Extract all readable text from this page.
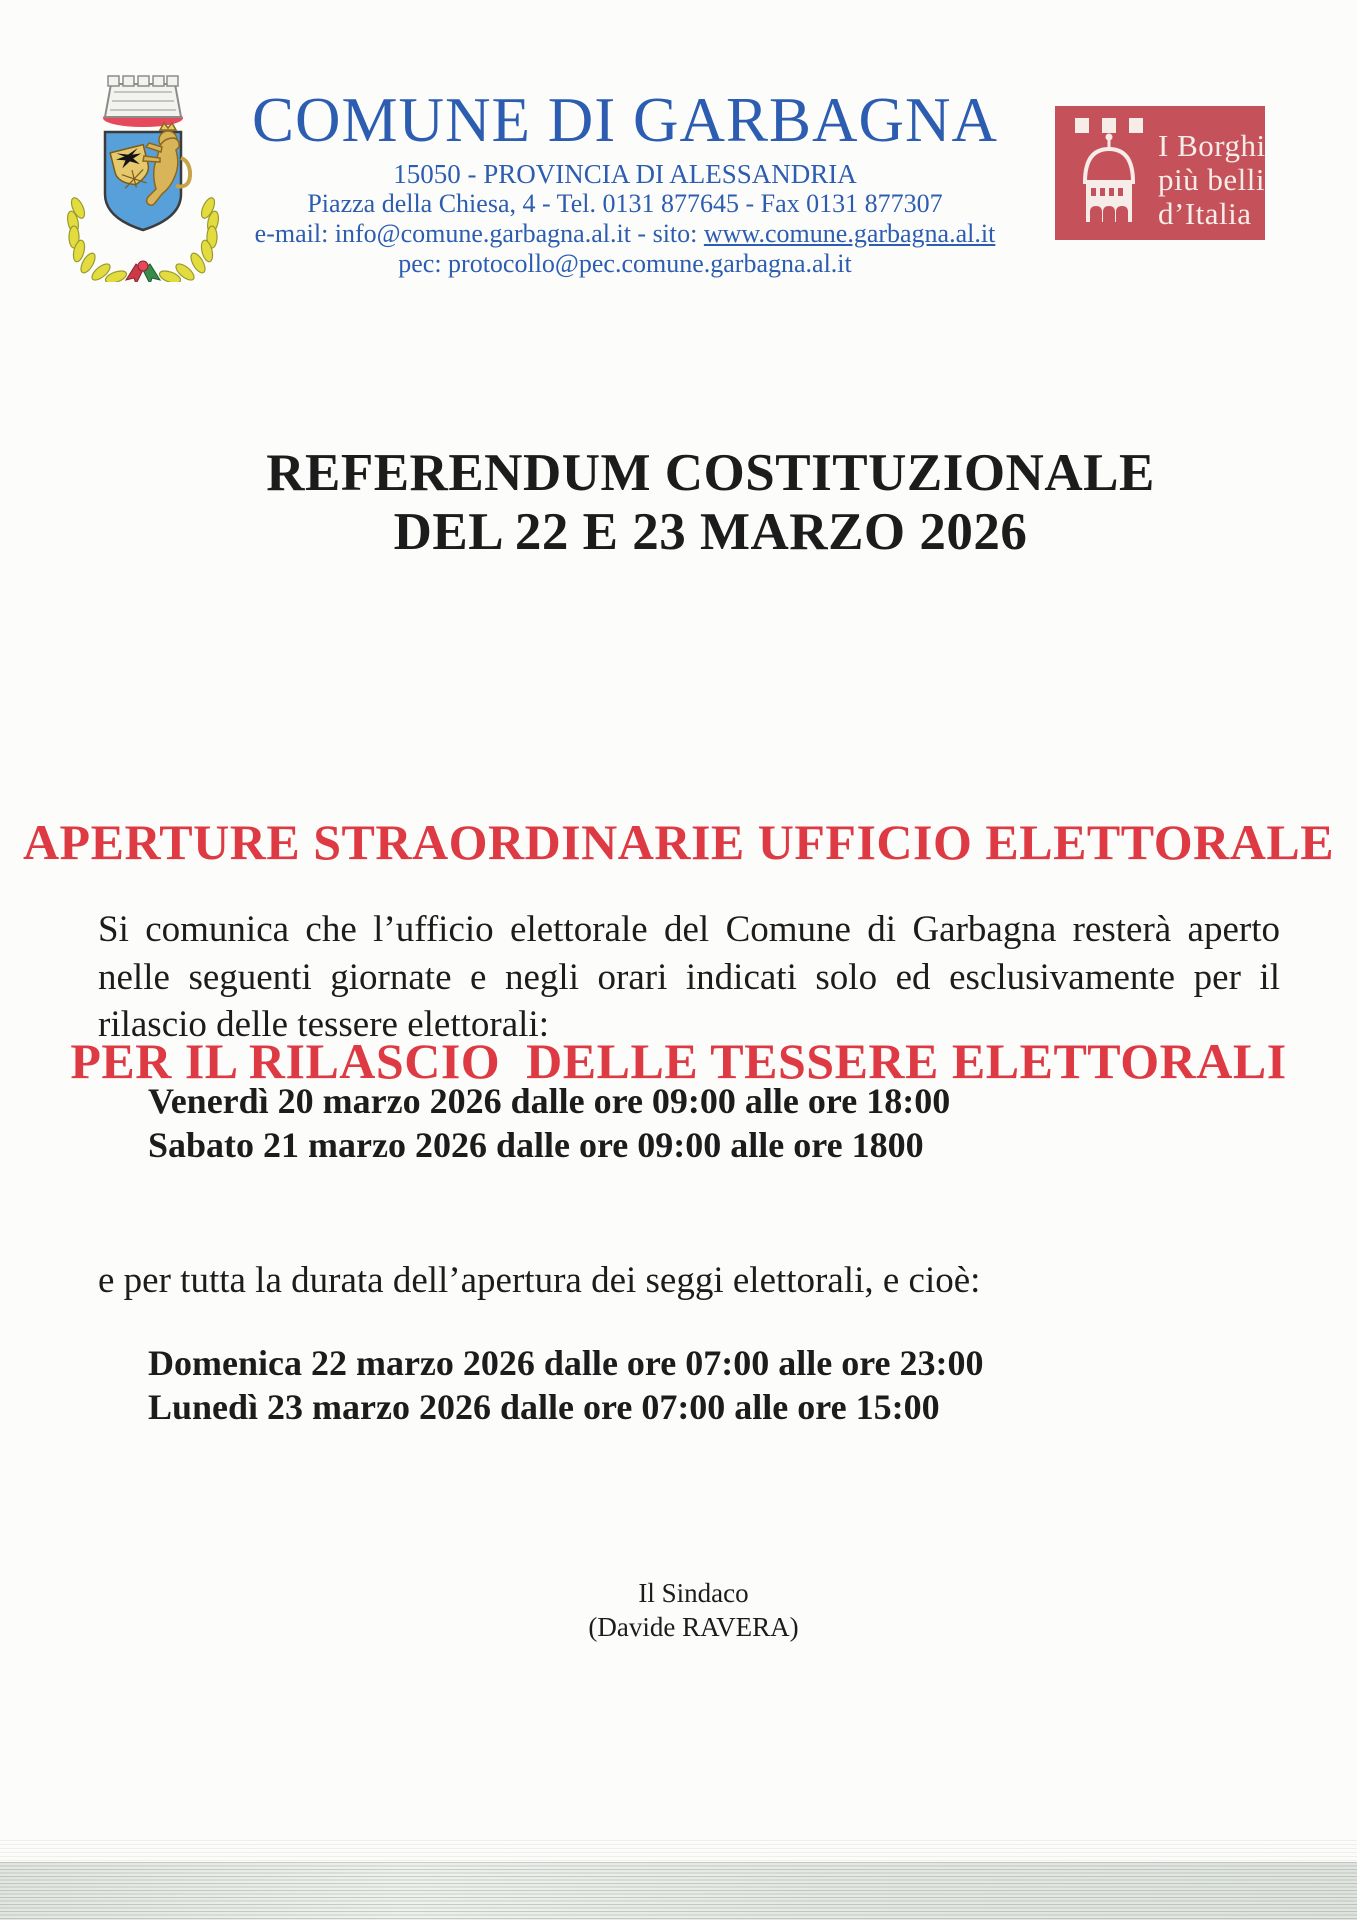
COMUNE DI GARBAGNA
15050 - PROVINCIA DI ALESSANDRIA
Piazza della Chiesa, 4 - Tel. 0131 877645 - Fax 0131 877307
e-mail: info@comune.garbagna.al.it - sito: www.comune.garbagna.al.it
pec: protocollo@pec.comune.garbagna.al.it
I Borghi
più belli
d’Italia
REFERENDUM COSTITUZIONALE
DEL 22 E 23 MARZO 2026

APERTURE STRAORDINARIE UFFICIO ELETTORALE

PER IL RILASCIO  DELLE TESSERE ELETTORALI

Si comunica che l’ufficio elettorale del Comune di Garbagna resterà aperto nelle seguenti giornate e negli orari indicati solo ed esclusivamente per il rilascio delle tessere elettorali:
Venerdì 20 marzo 2026 dalle ore 09:00 alle ore 18:00
Sabato 21 marzo 2026 dalle ore 09:00 alle ore 1800
e per tutta la durata dell’apertura dei seggi elettorali, e cioè:
Domenica 22 marzo 2026 dalle ore 07:00 alle ore 23:00
Lunedì 23 marzo 2026 dalle ore 07:00 alle ore 15:00
Il Sindaco
(Davide RAVERA)
